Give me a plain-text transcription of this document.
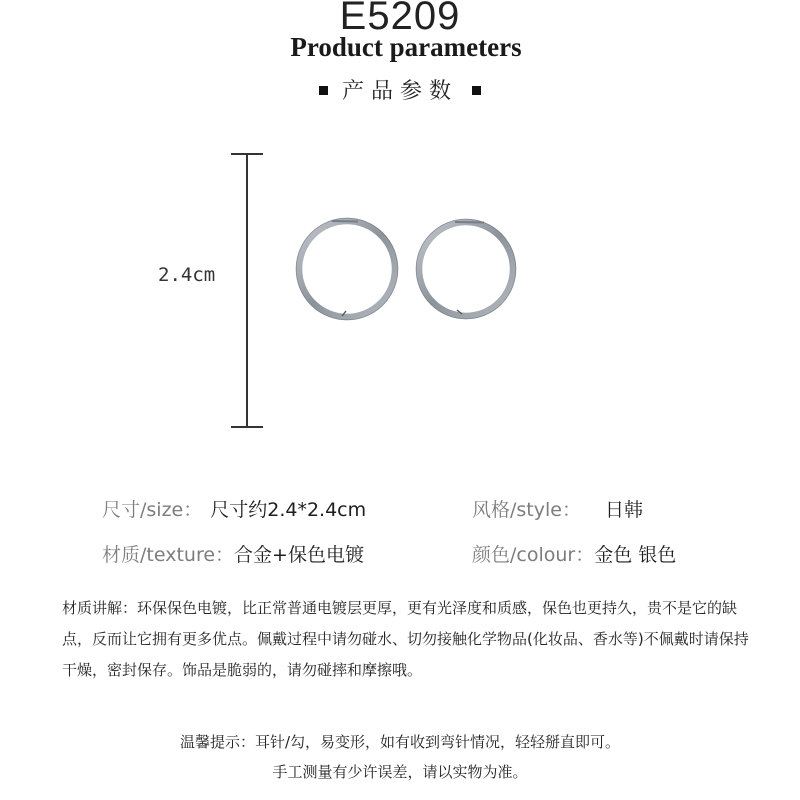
E5209
Product parameters
产品参数
2.4cm
尺寸/size： 尺寸约2.4*2.4cm	风格/style： 日韩
材质/texture：合金+保色电镀	颜色/colour：金色 银色
材质讲解：环保保色电镀，比正常普通电镀层更厚，更有光泽度和质感，保色也更持久，贵不是它的缺点，反而让它拥有更多优点。佩戴过程中请勿碰水、切勿接触化学物品(化妆品、香水等)不佩戴时请保持干燥，密封保存。饰品是脆弱的，请勿碰摔和摩擦哦。
温馨提示：耳针/勾，易变形，如有收到弯针情况，轻轻掰直即可。
手工测量有少许误差，请以实物为准。
